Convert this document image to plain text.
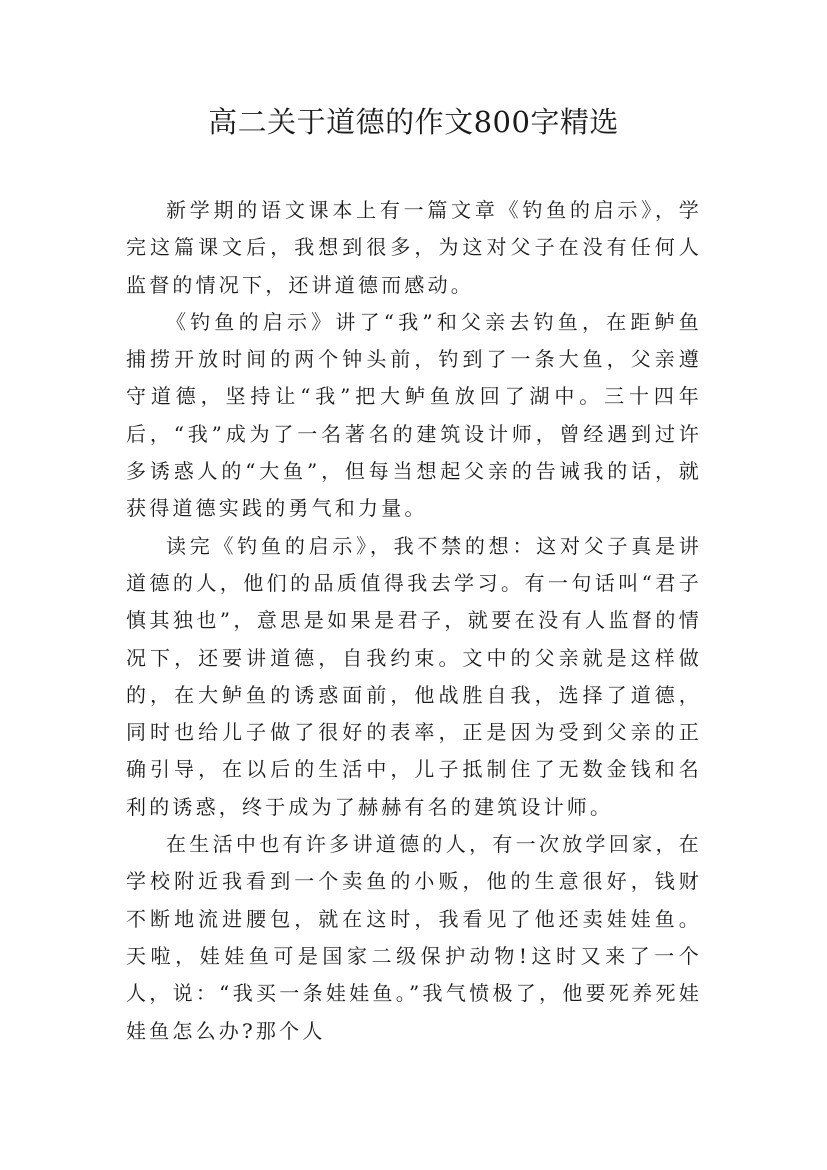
高二关于道德的作文800字精选

新学期的语文课本上有一篇文章《钓鱼的启示》，学完这篇课文后，我想到很多，为这对父子在没有任何人监督的情况下，还讲道德而感动。

《钓鱼的启示》讲了“我”和父亲去钓鱼，在距鲈鱼捕捞开放时间的两个钟头前，钓到了一条大鱼，父亲遵守道德，坚持让“我”把大鲈鱼放回了湖中。三十四年后，“我”成为了一名著名的建筑设计师，曾经遇到过许多诱惑人的“大鱼”，但每当想起父亲的告诫我的话，就获得道德实践的勇气和力量。

读完《钓鱼的启示》，我不禁的想：这对父子真是讲道德的人，他们的品质值得我去学习。有一句话叫“君子慎其独也”，意思是如果是君子，就要在没有人监督的情况下，还要讲道德，自我约束。文中的父亲就是这样做的，在大鲈鱼的诱惑面前，他战胜自我，选择了道德，同时也给儿子做了很好的表率，正是因为受到父亲的正确引导，在以后的生活中，儿子抵制住了无数金钱和名利的诱惑，终于成为了赫赫有名的建筑设计师。

在生活中也有许多讲道德的人，有一次放学回家，在学校附近我看到一个卖鱼的小贩，他的生意很好，钱财不断地流进腰包，就在这时，我看见了他还卖娃娃鱼。天啦，娃娃鱼可是国家二级保护动物!这时又来了一个人，说：“我买一条娃娃鱼。”我气愤极了，他要死养死娃娃鱼怎么办?那个人
